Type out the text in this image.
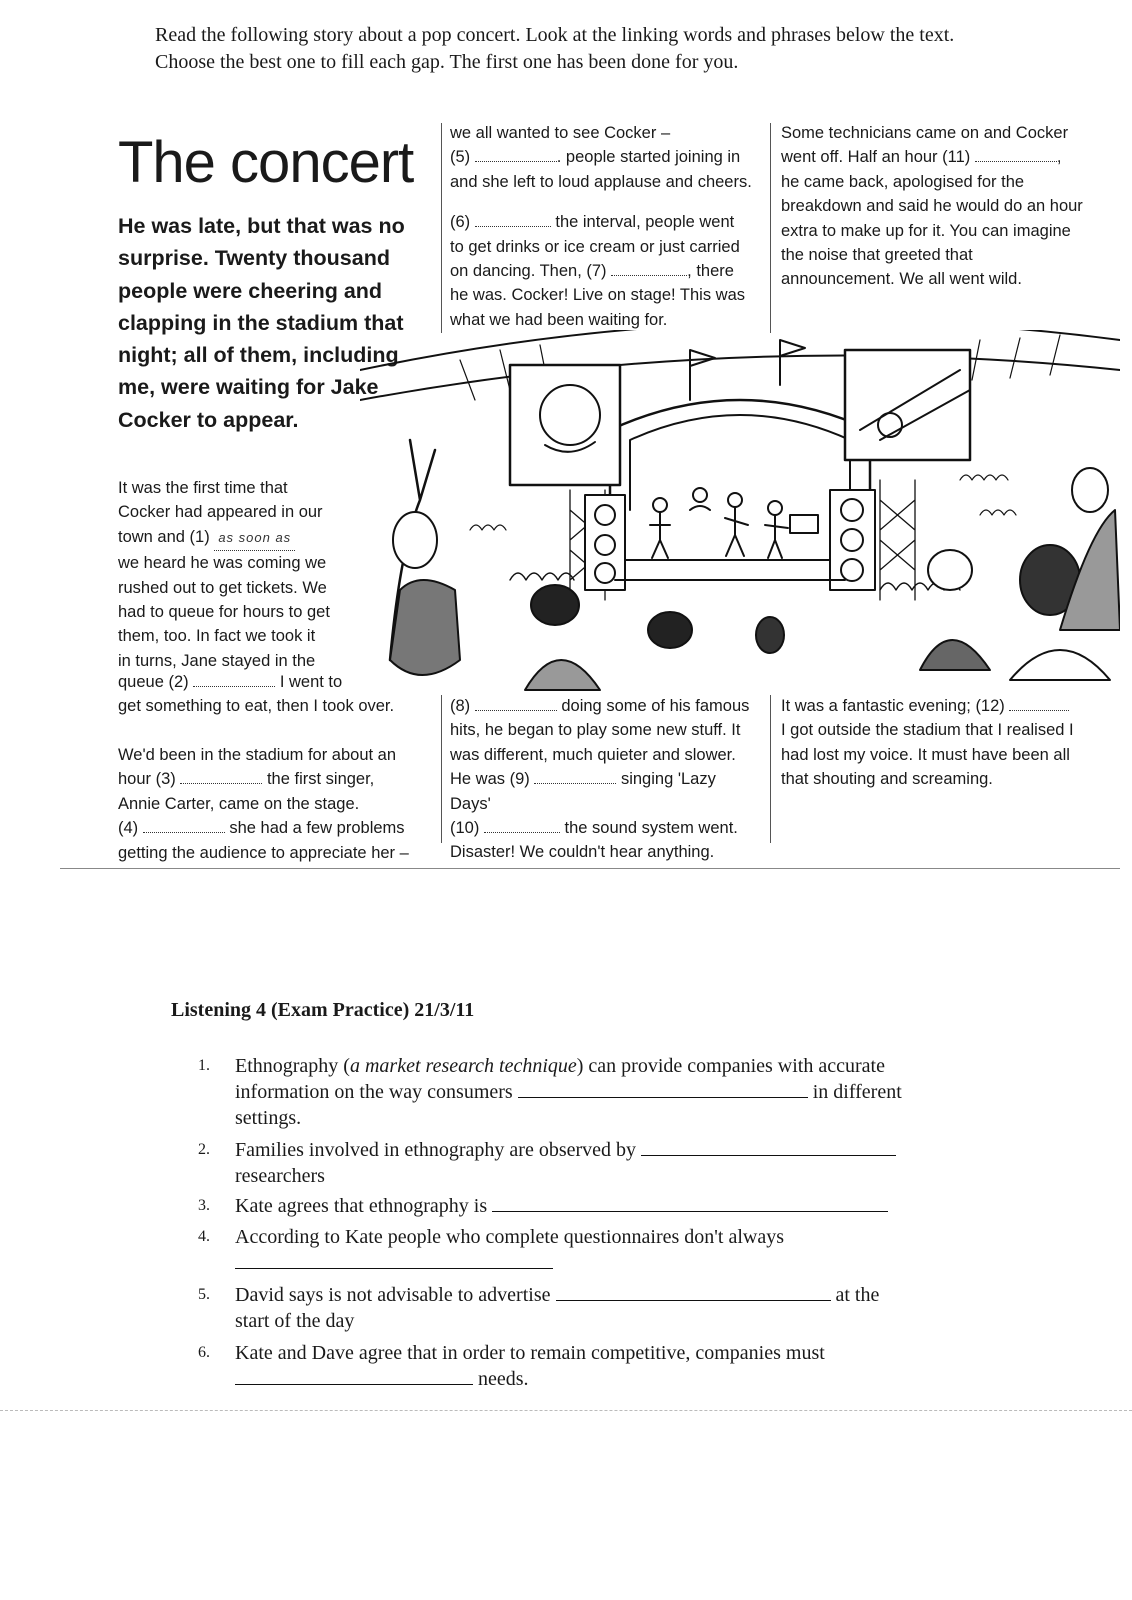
Read the following story about a pop concert. Look at the linking words and phrases below the text.
Choose the best one to fill each gap. The first one has been done for you.
The concert
He was late, but that was no surprise. Twenty thousand people were cheering and clapping in the stadium that night; all of them, including me, were waiting for Jake Cocker to appear.
It was the first time that
Cocker had appeared in our
town and (1) as soon as
we heard he was coming we
rushed out to get tickets. We
had to queue for hours to get
them, too. In fact we took it
in turns, Jane stayed in the
queue (2)	I went to
get something to eat, then I took over.
We'd been in the stadium for about an
hour (3)	the first singer,
Annie Carter, came on the stage.
(4)	she had a few problems
getting the audience to appreciate her –
we all wanted to see Cocker –
(5)	. people started joining in
and she left to loud applause and cheers.
(6)	the interval, people went
to get drinks or ice cream or just carried
on dancing. Then, (7)	, there
he was. Cocker! Live on stage! This was
what we had been waiting for.
Some technicians came on and Cocker
went off. Half an hour (11)	,
he came back, apologised for the
breakdown and said he would do an hour
extra to make up for it. You can imagine
the noise that greeted that
announcement. We all went wild.
(8)	doing some of his famous
hits, he began to play some new stuff. It
was different, much quieter and slower.
He was (9)	singing 'Lazy Days'
(10)	the sound system went.
Disaster! We couldn't hear anything.
It was a fantastic evening; (12)
I got outside the stadium that I realised I
had lost my voice. It must have been all
that shouting and screaming.
Listening 4 (Exam Practice) 21/3/11
1.	Ethnography (a market research technique) can provide companies with accurate
information on the way consumers	in different
settings.
2.	Families involved in ethnography are observed by
researchers
3.	Kate agrees that ethnography is
4.	According to Kate people who complete questionnaires don't always
5.	David says is not advisable to advertise	at the
start of the day
6.	Kate and Dave agree that in order to remain competitive, companies must
needs.
